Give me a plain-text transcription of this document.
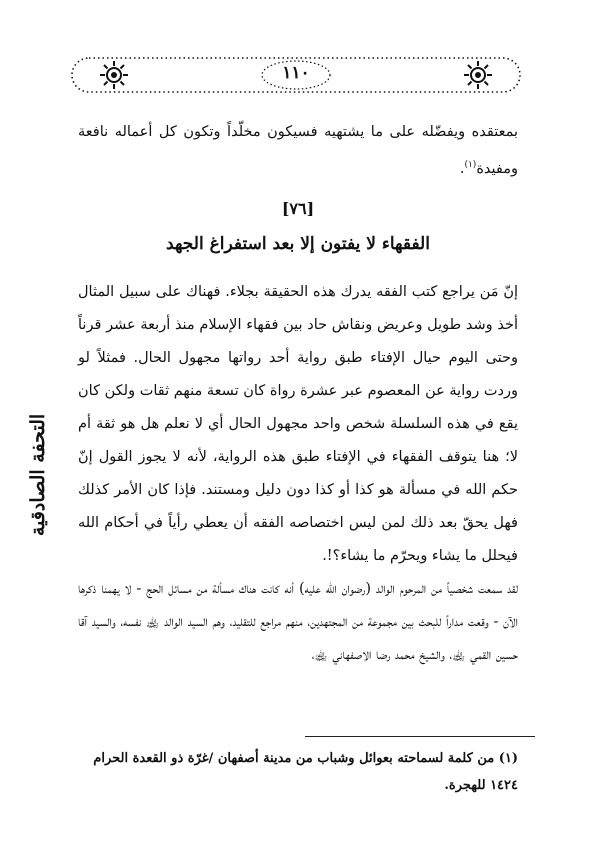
١١٠
التحفة الصادقية

بمعتقده ويفضّله على ما يشتهيه فسيكون مخلّداً وتكون كل أعماله نافعة ومفيدة$^{(١)}$.

[٧٦]
الفقهاء لا يفتون إلا بعد استفراغ الجهد

إنّ مَن يراجع كتب الفقه يدرك هذه الحقيقة بجلاء. فهناك على سبيل المثال أخذ وشد طويل وعريض ونقاش حاد بين فقهاء الإسلام منذ أربعة عشر قرناً وحتى اليوم حيال الإفتاء طبق رواية أحد رواتها مجهول الحال. فمثلاً لو وردت رواية عن المعصوم عبر عشرة رواة كان تسعة منهم ثقات ولكن كان يقع في هذه السلسلة شخص واحد مجهول الحال أي لا نعلم هل هو ثقة أم لا؛ هنا يتوقف الفقهاء في الإفتاء طبق هذه الرواية، لأنه لا يجوز القول إنّ حكم الله في مسألة هو كذا أو كذا دون دليل ومستند. فإذا كان الأمر كذلك فهل يحقّ بعد ذلك لمن ليس اختصاصه الفقه أن يعطي رأياً في أحكام الله فيحلل ما يشاء ويحرّم ما يشاء؟!.

لقد سمعت شخصياً من المرحوم الوالد (رضوان الله عليه) أنه كانت هناك مسألة من مسائل الحج - لا يهمنا ذكرها الآن - وقعت مداراً للبحث بين مجموعة من المجتهدين، منهم مراجع للتقليد، وهم السيد الوالد ﵀ نفسه، والسيد آقا حسين القمي ﵀، والشيخ محمد رضا الاصفهاني ﵀،

(١) من كلمة لسماحته بعوائل وشباب من مدينة أصفهان /غرّة ذو القعدة الحرام ١٤٢٤ للهجرة.
